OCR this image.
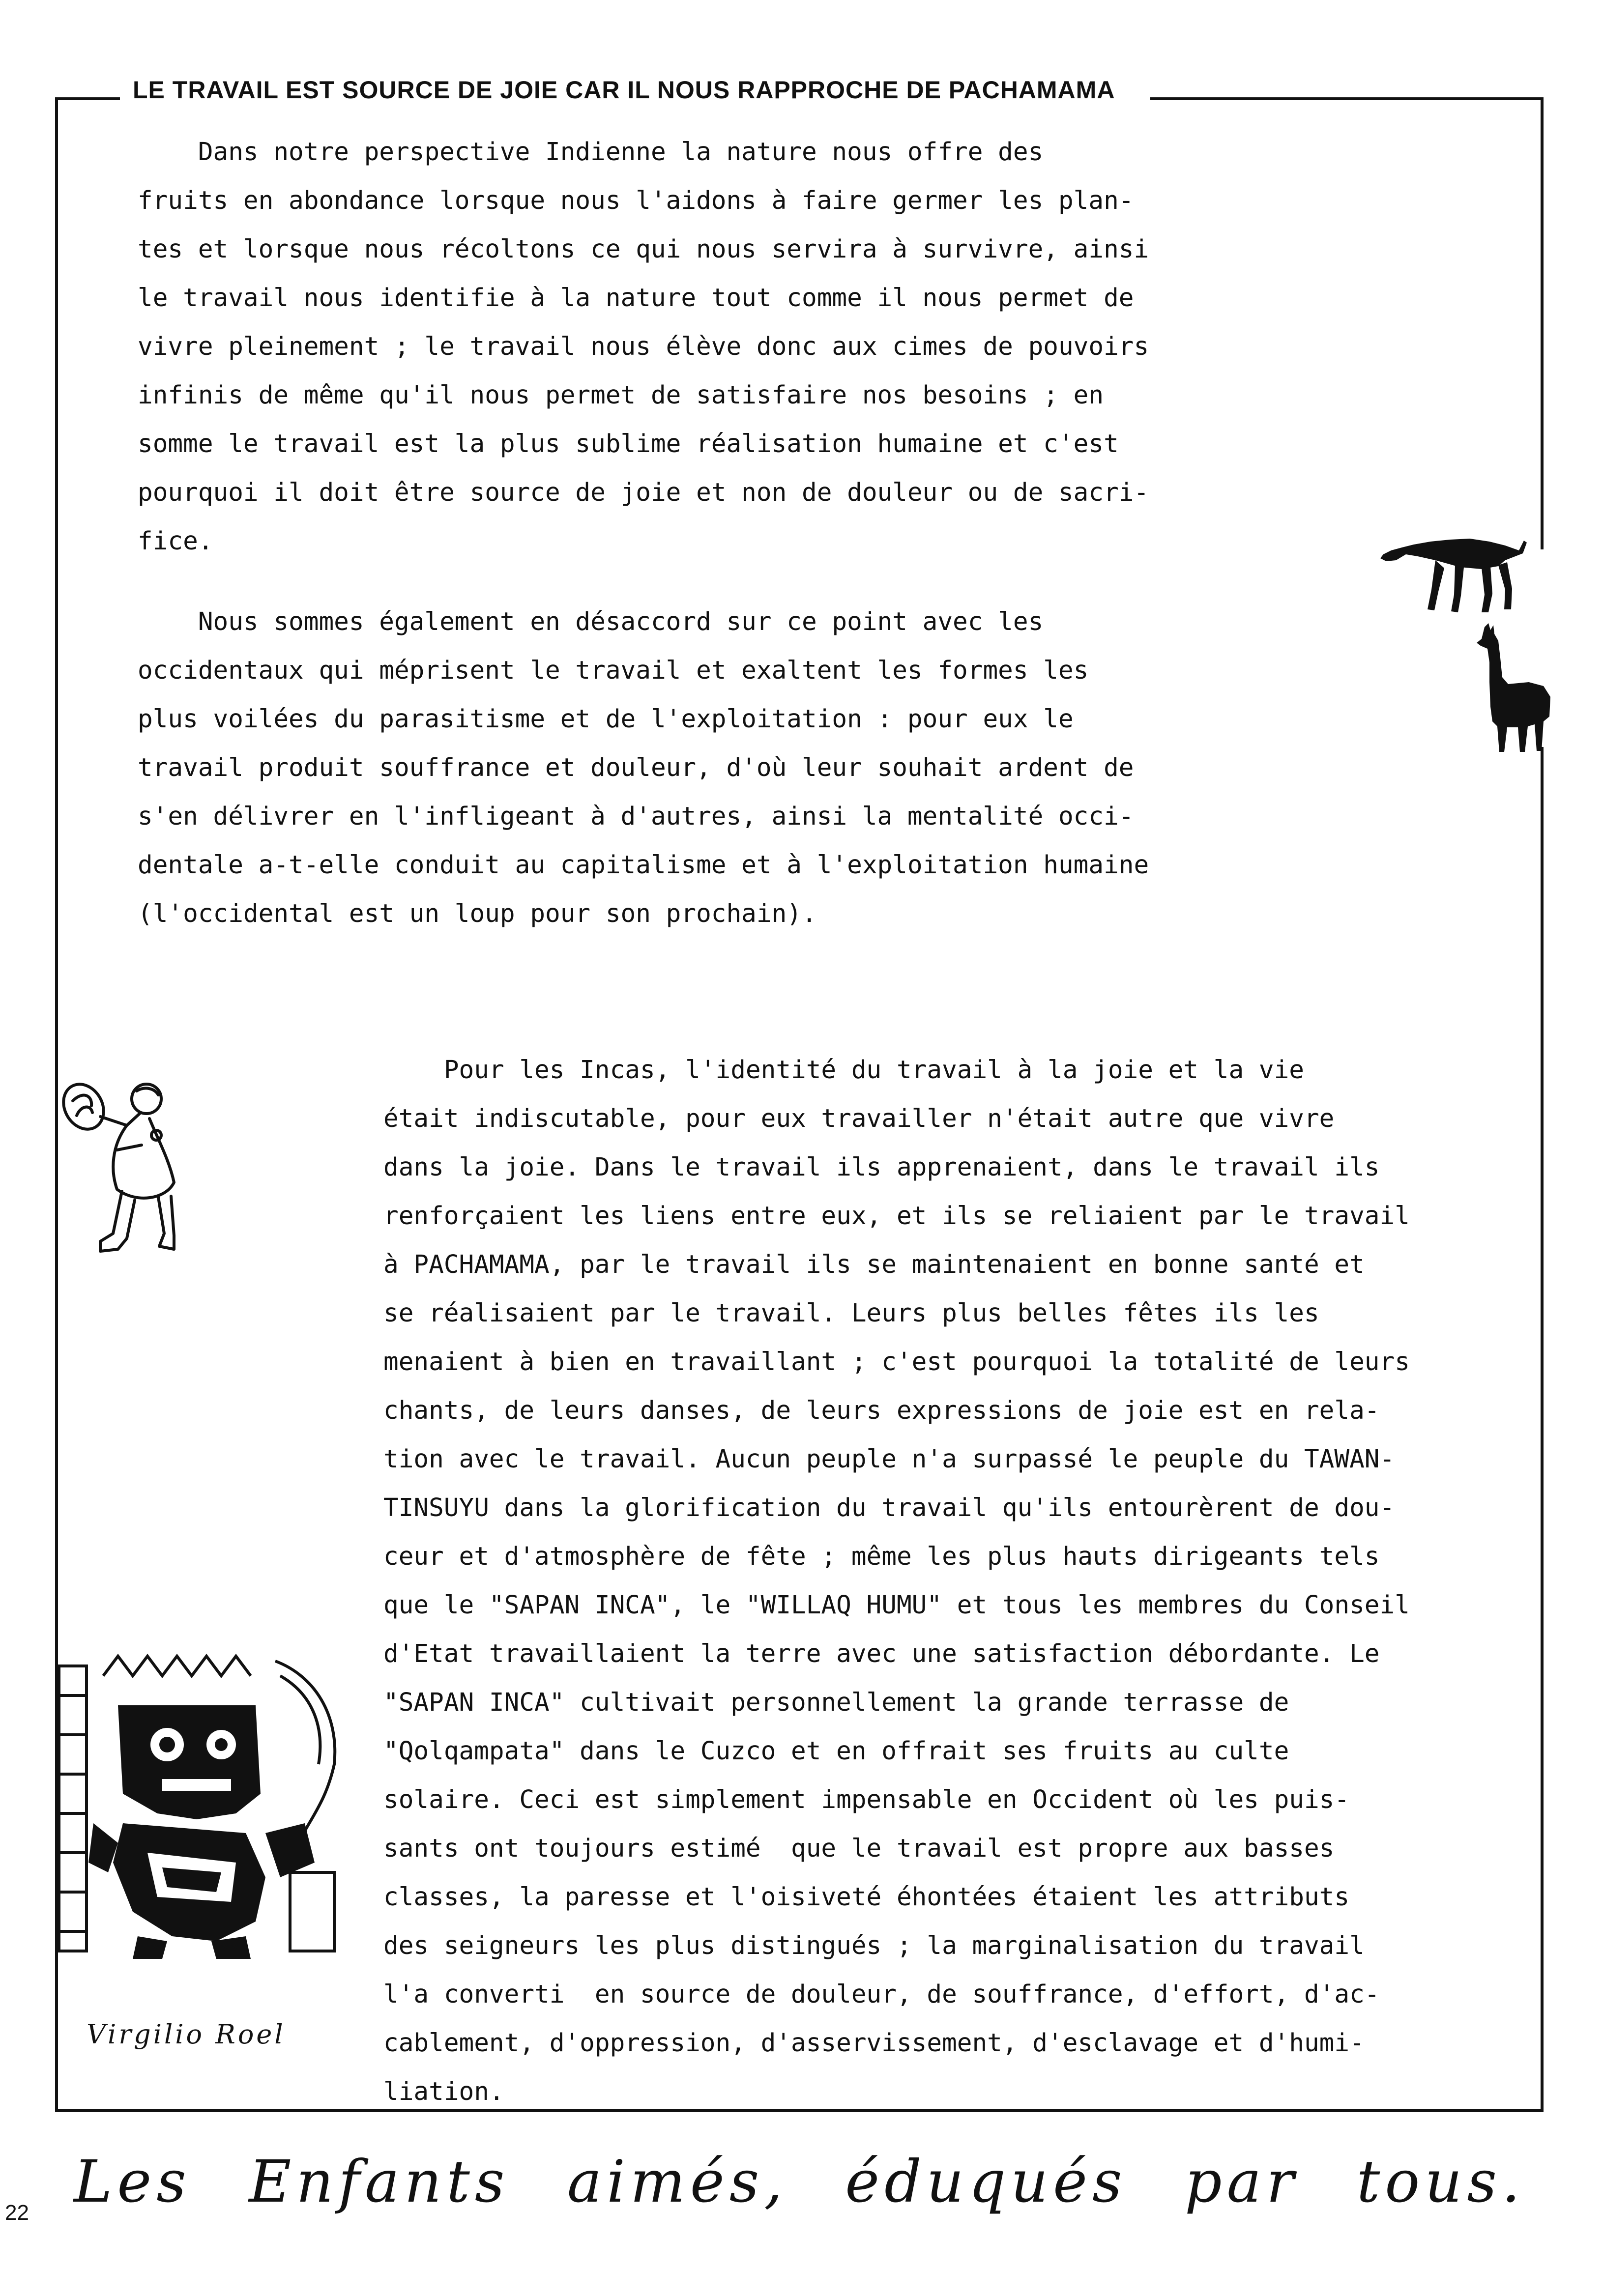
LE TRAVAIL EST SOURCE DE JOIE CAR IL NOUS RAPPROCHE DE PACHAMAMA

Dans notre perspective Indienne la nature nous offre des
fruits en abondance lorsque nous l'aidons à faire germer les plan-
tes et lorsque nous récoltons ce qui nous servira à survivre, ainsi
le travail nous identifie à la nature tout comme il nous permet de
vivre pleinement ; le travail nous élève donc aux cimes de pouvoirs
infinis de même qu'il nous permet de satisfaire nos besoins ; en
somme le travail est la plus sublime réalisation humaine et c'est
pourquoi il doit être source de joie et non de douleur ou de sacri-
fice.

Nous sommes également en désaccord sur ce point avec les
occidentaux qui méprisent le travail et exaltent les formes les
plus voilées du parasitisme et de l'exploitation : pour eux le
travail produit souffrance et douleur, d'où leur souhait ardent de
s'en délivrer en l'infligeant à d'autres, ainsi la mentalité occi-
dentale a-t-elle conduit au capitalisme et à l'exploitation humaine
(l'occidental est un loup pour son prochain).

Pour les Incas, l'identité du travail à la joie et la vie
était indiscutable, pour eux travailler n'était autre que vivre
dans la joie. Dans le travail ils apprenaient, dans le travail ils
renforçaient les liens entre eux, et ils se reliaient par le travail
à PACHAMAMA, par le travail ils se maintenaient en bonne santé et
se réalisaient par le travail. Leurs plus belles fêtes ils les
menaient à bien en travaillant ; c'est pourquoi la totalité de leurs
chants, de leurs danses, de leurs expressions de joie est en rela-
tion avec le travail. Aucun peuple n'a surpassé le peuple du TAWAN-
TINSUYU dans la glorification du travail qu'ils entourèrent de dou-
ceur et d'atmosphère de fête ; même les plus hauts dirigeants tels
que le "SAPAN INCA", le "WILLAQ HUMU" et tous les membres du Conseil
d'Etat travaillaient la terre avec une satisfaction débordante. Le
"SAPAN INCA" cultivait personnellement la grande terrasse de
"Qolqampata" dans le Cuzco et en offrait ses fruits au culte
solaire. Ceci est simplement impensable en Occident où les puis-
sants ont toujours estimé  que le travail est propre aux basses
classes, la paresse et l'oisiveté éhontées étaient les attributs
des seigneurs les plus distingués ; la marginalisation du travail
l'a converti  en source de douleur, de souffrance, d'effort, d'ac-
cablement, d'oppression, d'asservissement, d'esclavage et d'humi-
liation.

Virgilio Roel
Les Enfants aimés, éduqués par tous.
22
